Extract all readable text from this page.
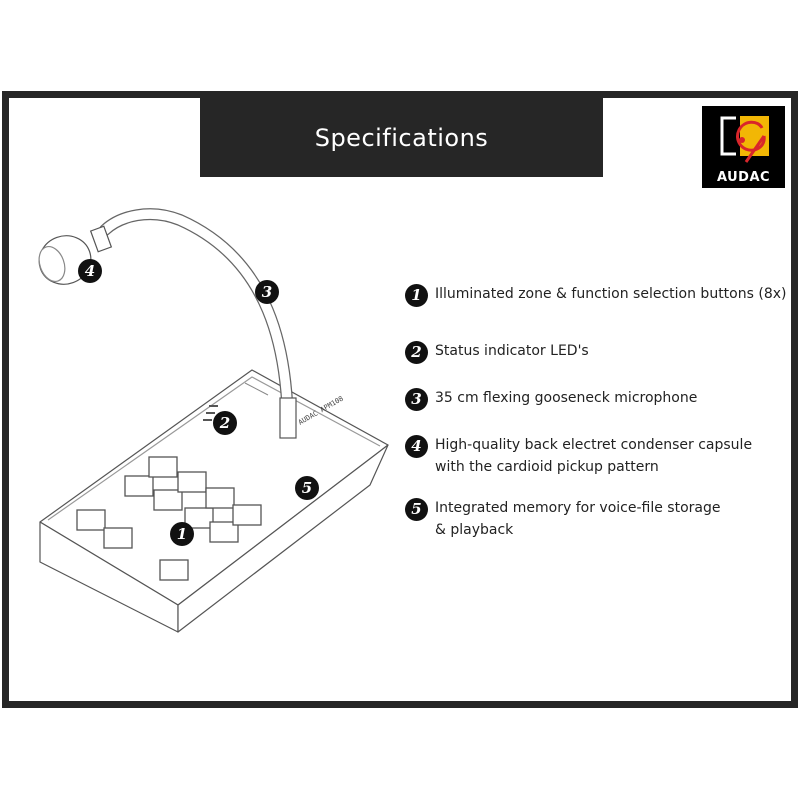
Specifications
AUDAC
AUDAC APM108
4
3
2
5
1
1 Illuminated zone & function selection buttons (8x)
2 Status indicator LED's
3 35 cm flexing gooseneck microphone
4 High-quality back electret condenser capsule
with the cardioid pickup pattern
5 Integrated memory for voice-file storage
& playback
